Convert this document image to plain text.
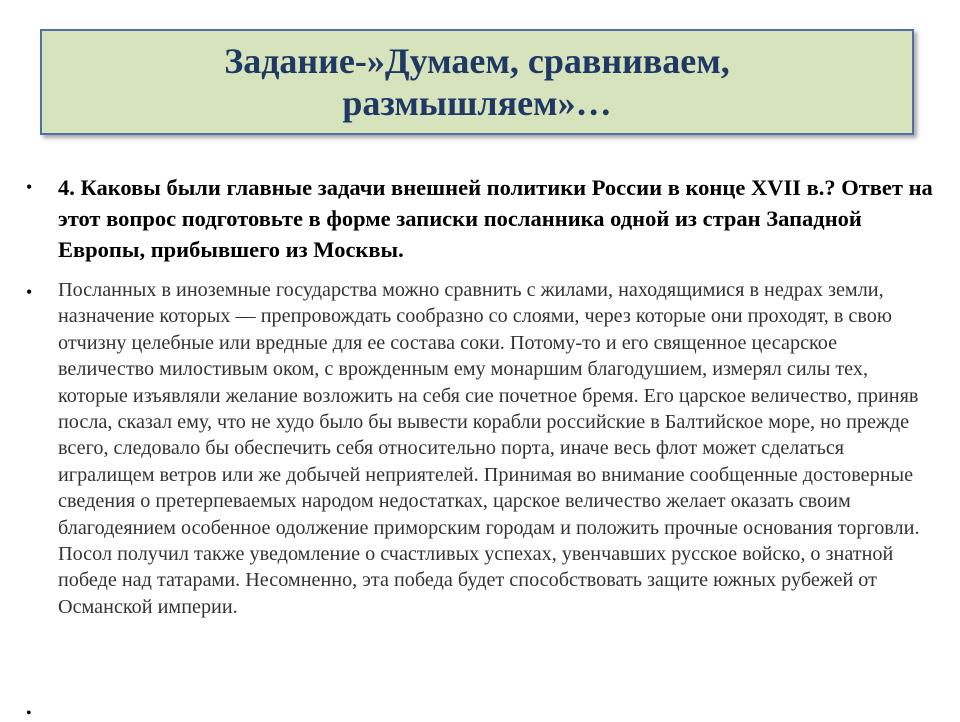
Задание-»Думаем, сравниваем, размышляем»…
•	4. Каковы были главные задачи внешней политики России в конце XVII в.? Ответ на этот вопрос подготовьте в форме записки посланника одной из стран Западной Европы, прибывшего из Москвы.

•	Посланных в иноземные государства можно сравнить с жилами, находящимися в недрах земли, назначение которых — препровождать сообразно со слоями, через которые они проходят, в свою отчизну целебные или вредные для ее состава соки. Потому-то и его священное цесарское величество милостивым оком, с врожденным ему монаршим благодушием, измерял силы тех, которые изъявляли желание возложить на себя сие почетное бремя. Его царское величество, приняв посла, сказал ему, что не худо было бы вывести корабли российские в Балтийское море, но прежде всего, следовало бы обеспечить себя относительно порта, иначе весь флот может сделаться игралищем ветров или же добычей неприятелей. Принимая во внимание сообщенные достоверные сведения о претерпеваемых народом недостатках, царское величество желает оказать своим благодеянием особенное одолжение приморским городам и положить прочные основания торговли. Посол получил также уведомление о счастливых успехах, увенчавших русское войско, о знатной победе над татарами. Несомненно, эта победа будет способствовать защите южных рубежей от Османской империи.

•
